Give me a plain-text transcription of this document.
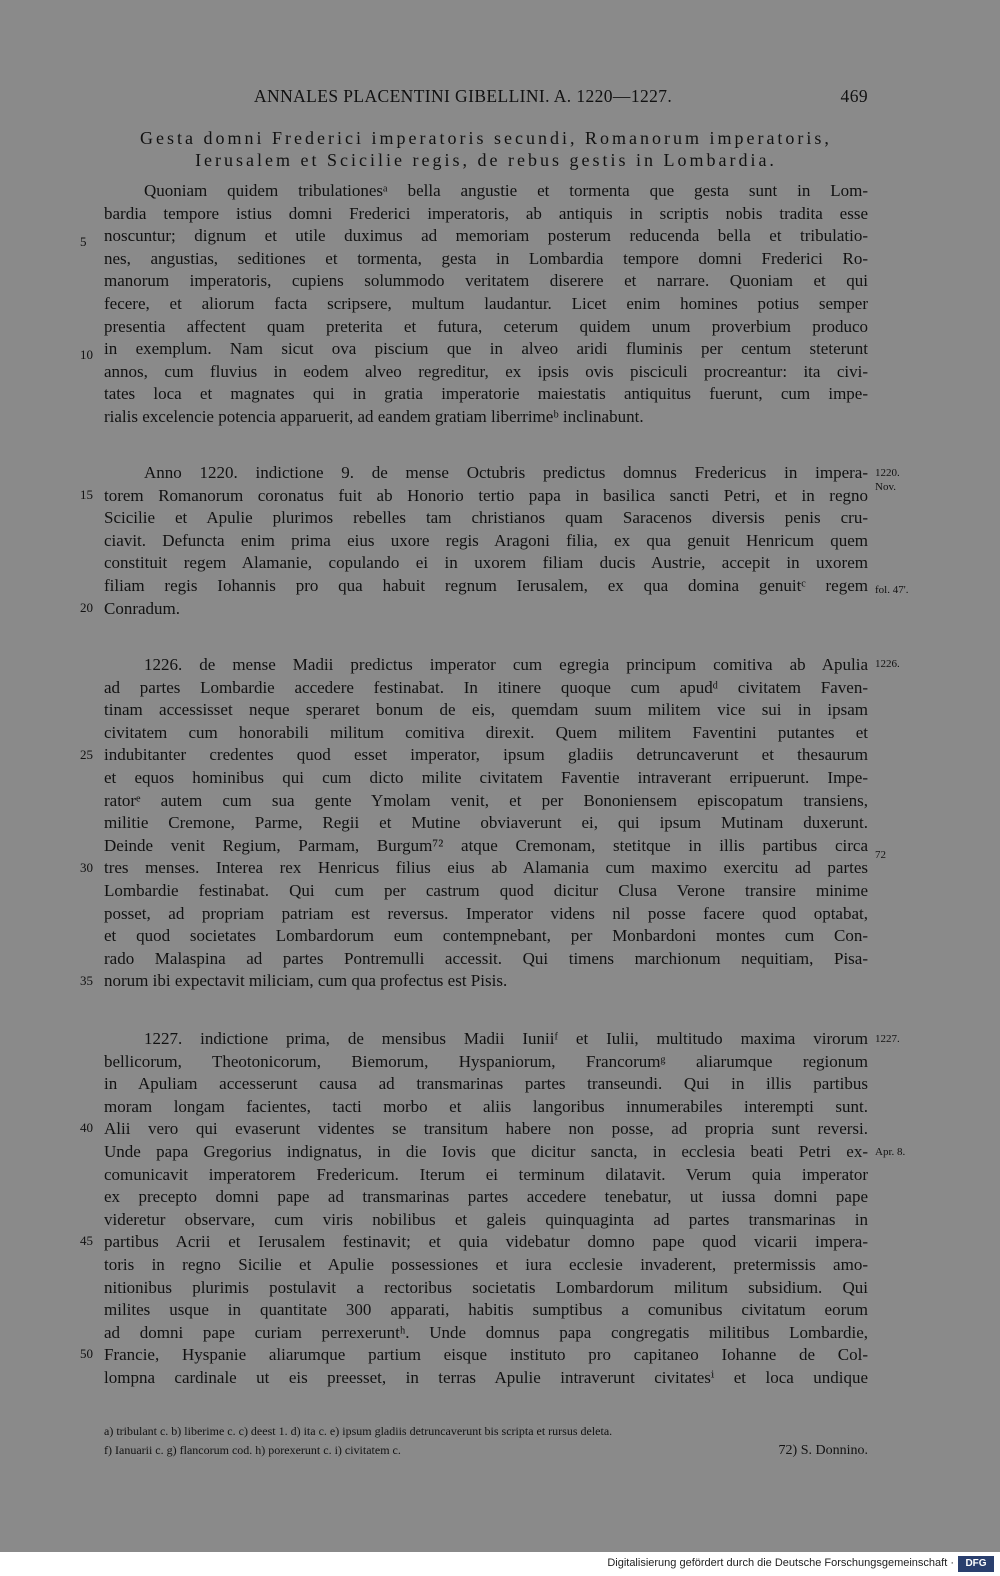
ANNALES PLACENTINI GIBELLINI. A. 1220—1227.	469
Gesta domni Frederici imperatoris secundi, Romanorum imperatoris,
Ierusalem et Scicilie regis, de rebus gestis in Lombardia.
Quoniam quidem tribulationesᵃ bella angustie et tormenta que gesta sunt in Lom-
bardia tempore istius domni Frederici imperatoris, ab antiquis in scriptis nobis tradita esse
noscuntur; dignum et utile duximus ad memoriam posterum reducenda bella et tribulatio-
nes, angustias, seditiones et tormenta, gesta in Lombardia tempore domni Frederici Ro-
manorum imperatoris, cupiens solummodo veritatem diserere et narrare. Quoniam et qui
fecere, et aliorum facta scripsere, multum laudantur. Licet enim homines potius semper
presentia affectent quam preterita et futura, ceterum quidem unum proverbium produco
in exemplum. Nam sicut ova piscium que in alveo aridi fluminis per centum steterunt
annos, cum fluvius in eodem alveo regreditur, ex ipsis ovis pisciculi procreantur: ita civi-
tates loca et magnates qui in gratia imperatorie maiestatis antiquitus fuerunt, cum impe-
rialis excelencie potencia apparuerit, ad eandem gratiam liberrimeᵇ inclinabunt.
Anno 1220. indictione 9. de mense Octubris predictus domnus Fredericus in impera-
torem Romanorum coronatus fuit ab Honorio tertio papa in basilica sancti Petri, et in regno
Scicilie et Apulie plurimos rebelles tam christianos quam Saracenos diversis penis cru-
ciavit. Defuncta enim prima eius uxore regis Aragoni filia, ex qua genuit Henricum quem
constituit regem Alamanie, copulando ei in uxorem filiam ducis Austrie, accepit in uxorem
filiam regis Iohannis pro qua habuit regnum Ierusalem, ex qua domina genuitᶜ regem
Conradum.
1226. de mense Madii predictus imperator cum egregia principum comitiva ab Apulia
ad partes Lombardie accedere festinabat. In itinere quoque cum apudᵈ civitatem Faven-
tinam accessisset neque speraret bonum de eis, quemdam suum militem vice sui in ipsam
civitatem cum honorabili militum comitiva direxit. Quem militem Faventini putantes et
indubitanter credentes quod esset imperator, ipsum gladiis detruncaverunt et thesaurum
et equos hominibus qui cum dicto milite civitatem Faventie intraverant erripuerunt. Impe-
ratorᵉ autem cum sua gente Ymolam venit, et per Bononiensem episcopatum transiens,
militie Cremone, Parme, Regii et Mutine obviaverunt ei, qui ipsum Mutinam duxerunt.
Deinde venit Regium, Parmam, Burgum⁷² atque Cremonam, stetitque in illis partibus circa
tres menses. Interea rex Henricus filius eius ab Alamania cum maximo exercitu ad partes
Lombardie festinabat. Qui cum per castrum quod dicitur Clusa Verone transire minime
posset, ad propriam patriam est reversus. Imperator videns nil posse facere quod optabat,
et quod societates Lombardorum eum contempnebant, per Monbardoni montes cum Con-
rado Malaspina ad partes Pontremulli accessit. Qui timens marchionum nequitiam, Pisa-
norum ibi expectavit miliciam, cum qua profectus est Pisis.
1227. indictione prima, de mensibus Madii Iuniiᶠ et Iulii, multitudo maxima virorum
bellicorum, Theotonicorum, Biemorum, Hyspaniorum, Francorumᵍ aliarumque regionum
in Apuliam accesserunt causa ad transmarinas partes transeundi. Qui in illis partibus
moram longam facientes, tacti morbo et aliis langoribus innumerabiles interempti sunt.
Alii vero qui evaserunt videntes se transitum habere non posse, ad propria sunt reversi.
Unde papa Gregorius indignatus, in die Iovis que dicitur sancta, in ecclesia beati Petri ex-
comunicavit imperatorem Fredericum. Iterum ei terminum dilatavit. Verum quia imperator
ex precepto domni pape ad transmarinas partes accedere tenebatur, ut iussa domni pape
videretur observare, cum viris nobilibus et galeis quinquaginta ad partes transmarinas in
partibus Acrii et Ierusalem festinavit; et quia videbatur domno pape quod vicarii impera-
toris in regno Sicilie et Apulie possessiones et iura ecclesie invaderent, pretermissis amo-
nitionibus plurimis postulavit a rectoribus societatis Lombardorum militum subsidium. Qui
milites usque in quantitate 300 apparati, habitis sumptibus a comunibus civitatum eorum
ad domni pape curiam perrexeruntʰ. Unde domnus papa congregatis militibus Lombardie,
Francie, Hyspanie aliarumque partium eisque instituto pro capitaneo Iohanne de Col-
lompna cardinale ut eis preesset, in terras Apulie intraverunt civitatesⁱ et loca undique
5
10
15
20
25
30
35
40
45
50
1220.
Nov.
fol. 47'.
1226.
72
1227.
Apr. 8.
a) tribulant c. b) liberime c. c) deest 1. d) ita c. e) ipsum gladiis detruncaverunt bis scripta et rursus deleta.
f) Ianuarii c. g) flancorum cod. h) porexerunt c. i) civitatem c.	72) S. Donnino.
Digitalisierung gefördert durch die Deutsche Forschungsgemeinschaft ·	DFG
